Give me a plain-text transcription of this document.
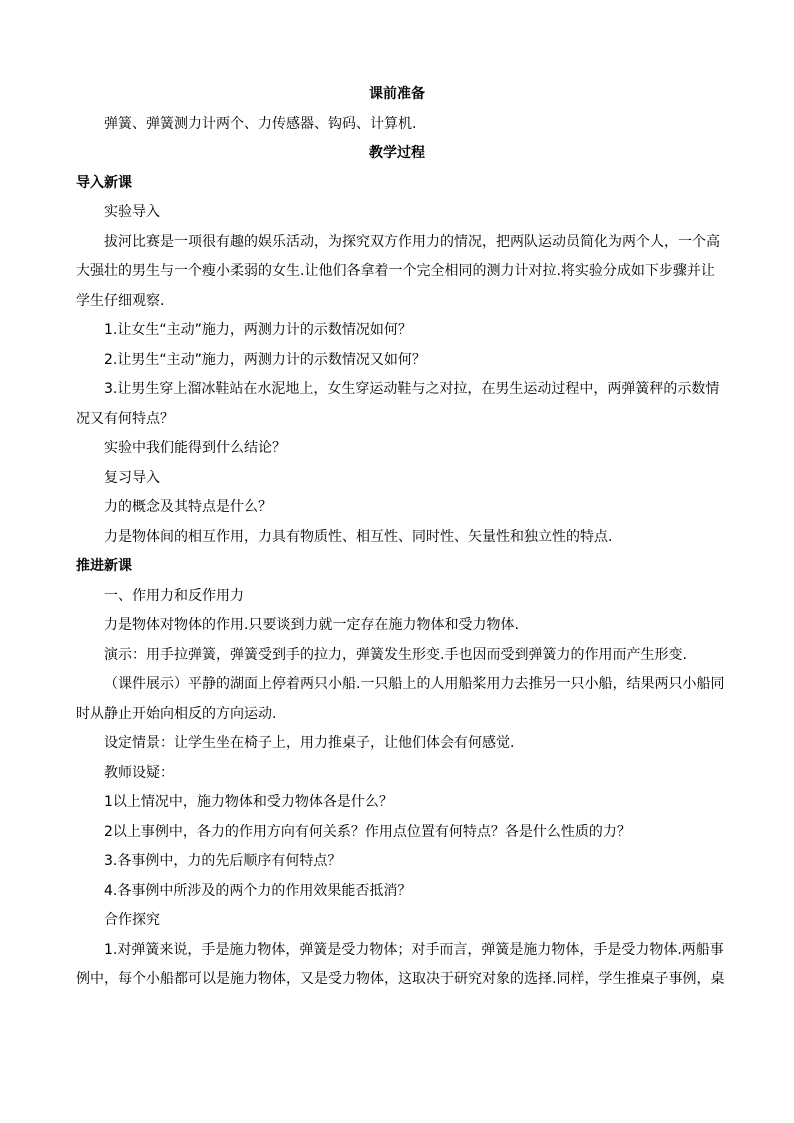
课前准备

弹簧、弹簧测力计两个、力传感器、钩码、计算机.

教学过程

导入新课

实验导入

拔河比赛是一项很有趣的娱乐活动，为探究双方作用力的情况，把两队运动员简化为两个人，一个高

大强壮的男生与一个瘦小柔弱的女生.让他们各拿着一个完全相同的测力计对拉.将实验分成如下步骤并让

学生仔细观察.

1.让女生“主动”施力，两测力计的示数情况如何？

2.让男生“主动”施力，两测力计的示数情况又如何？

3.让男生穿上溜冰鞋站在水泥地上，女生穿运动鞋与之对拉，在男生运动过程中，两弹簧秤的示数情

况又有何特点？

实验中我们能得到什么结论？

复习导入

力的概念及其特点是什么？

力是物体间的相互作用，力具有物质性、相互性、同时性、矢量性和独立性的特点.

推进新课

一、作用力和反作用力

力是物体对物体的作用.只要谈到力就一定存在施力物体和受力物体.

演示：用手拉弹簧，弹簧受到手的拉力，弹簧发生形变.手也因而受到弹簧力的作用而产生形变.

（课件展示）平静的湖面上停着两只小船.一只船上的人用船桨用力去推另一只小船，结果两只小船同

时从静止开始向相反的方向运动.

设定情景：让学生坐在椅子上，用力推桌子，让他们体会有何感觉.

教师设疑：

1以上情况中，施力物体和受力物体各是什么？

2以上事例中，各力的作用方向有何关系？作用点位置有何特点？各是什么性质的力？

3.各事例中，力的先后顺序有何特点？

4.各事例中所涉及的两个力的作用效果能否抵消？

合作探究

1.对弹簧来说，手是施力物体，弹簧是受力物体；对手而言，弹簧是施力物体，手是受力物体.两船事

例中，每个小船都可以是施力物体，又是受力物体，这取决于研究对象的选择.同样，学生推桌子事例，桌
